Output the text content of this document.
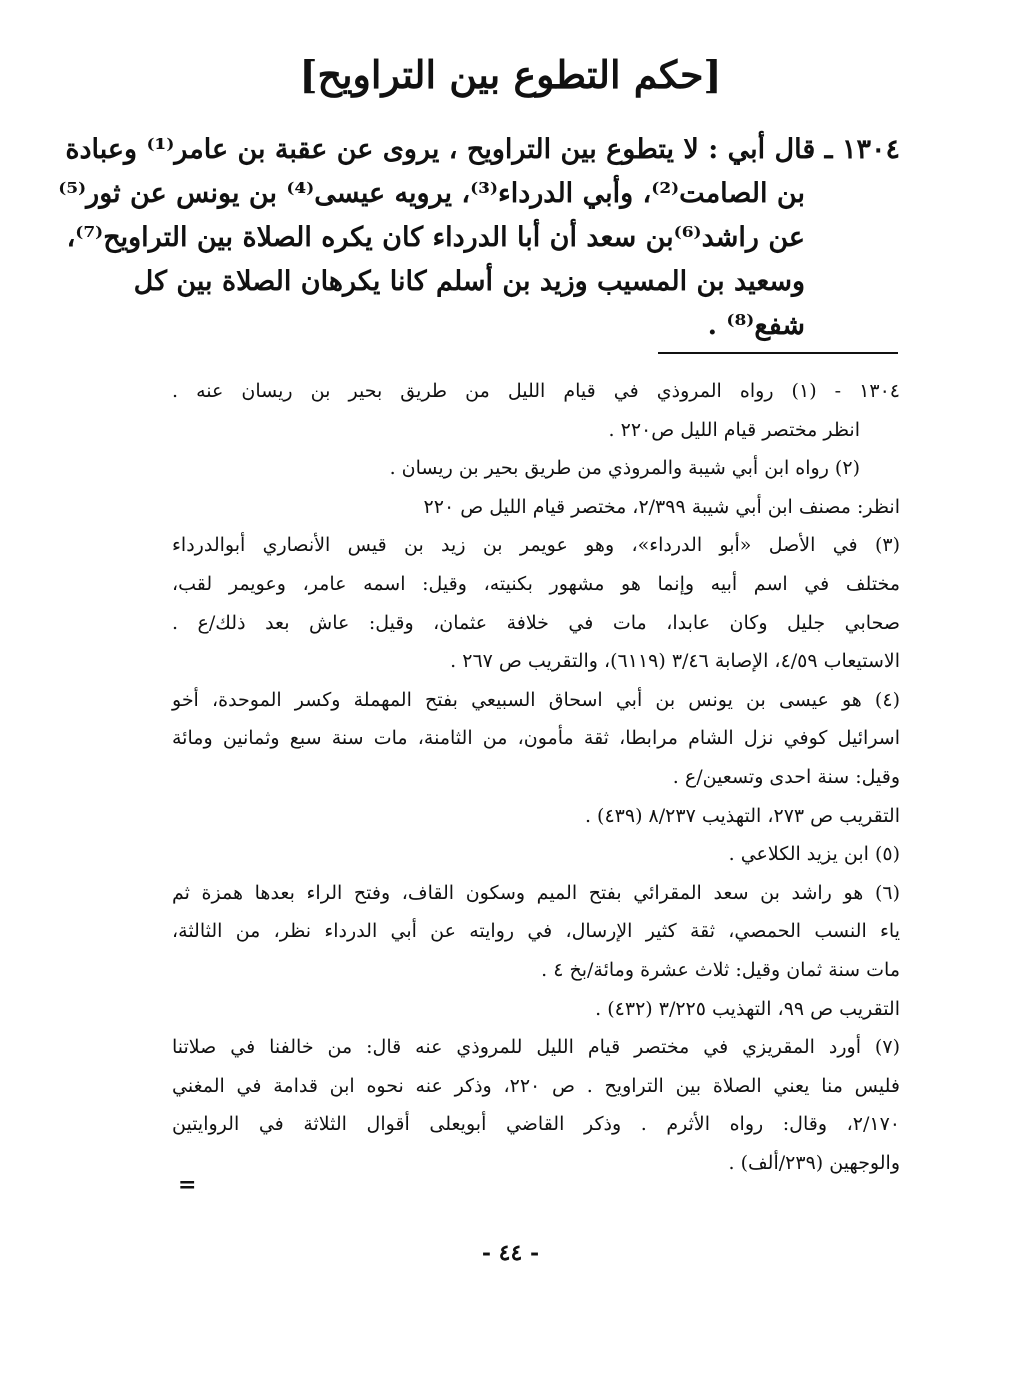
[حكم التطوع بين التراويح]
١٣٠٤ ـ قال أبي : لا يتطوع بين التراويح ، يروى عن عقبة بن عامر⁽¹⁾ وعبادة
بن الصامت⁽²⁾، وأبي الدرداء⁽³⁾، يرويه عيسى⁽⁴⁾ بن يونس عن ثور⁽⁵⁾
عن راشد⁽⁶⁾بن سعد أن أبا الدرداء كان يكره الصلاة بين التراويح⁽⁷⁾،
وسعيد بن المسيب وزيد بن أسلم كانا يكرهان الصلاة بين كل
شفع⁽⁸⁾ .
١٣٠٤ - (١) رواه المروذي في قيام الليل من طريق بحير بن ريسان عنه .
انظر مختصر قيام الليل ص٢٢٠ .
(٢) رواه ابن أبي شيبة والمروذي من طريق بحير بن ريسان .
انظر: مصنف ابن أبي شيبة ٢/٣٩٩، مختصر قيام الليل ص ٢٢٠
(٣) في الأصل «أبو الدرداء»، وهو عويمر بن زيد بن قيس الأنصاري أبوالدرداء
مختلف في اسم أبيه وإنما هو مشهور بكنيته، وقيل: اسمه عامر، وعويمر لقب،
صحابي جليل وكان عابدا، مات في خلافة عثمان، وقيل: عاش بعد ذلك/ع .
الاستيعاب ٤/٥٩، الإصابة ٣/٤٦ (٦١١٩)، والتقريب ص ٢٦٧ .
(٤) هو عيسى بن يونس بن أبي اسحاق السبيعي بفتح المهملة وكسر الموحدة، أخو
اسرائيل كوفي نزل الشام مرابطا، ثقة مأمون، من الثامنة، مات سنة سبع وثمانين ومائة
وقيل: سنة احدى وتسعين/ع .
التقريب ص ٢٧٣، التهذيب ٨/٢٣٧ (٤٣٩) .
(٥) ابن يزيد الكلاعي .
(٦) هو راشد بن سعد المقرائي بفتح الميم وسكون القاف، وفتح الراء بعدها همزة ثم
ياء النسب الحمصي، ثقة كثير الإرسال، في روايته عن أبي الدرداء نظر، من الثالثة،
مات سنة ثمان وقيل: ثلاث عشرة ومائة/بخ ٤ .
التقريب ص ٩٩، التهذيب ٣/٢٢٥ (٤٣٢) .
(٧) أورد المقريزي في مختصر قيام الليل للمروذي عنه قال: من خالفنا في صلاتنا
فليس منا يعني الصلاة بين التراويح . ص ٢٢٠، وذكر عنه نحوه ابن قدامة في المغني
٢/١٧٠، وقال: رواه الأثرم . وذكر القاضي أبويعلى أقوال الثلاثة في الروايتين
والوجهين (٢٣٩/ألف) .
=
- ٤٤ -
